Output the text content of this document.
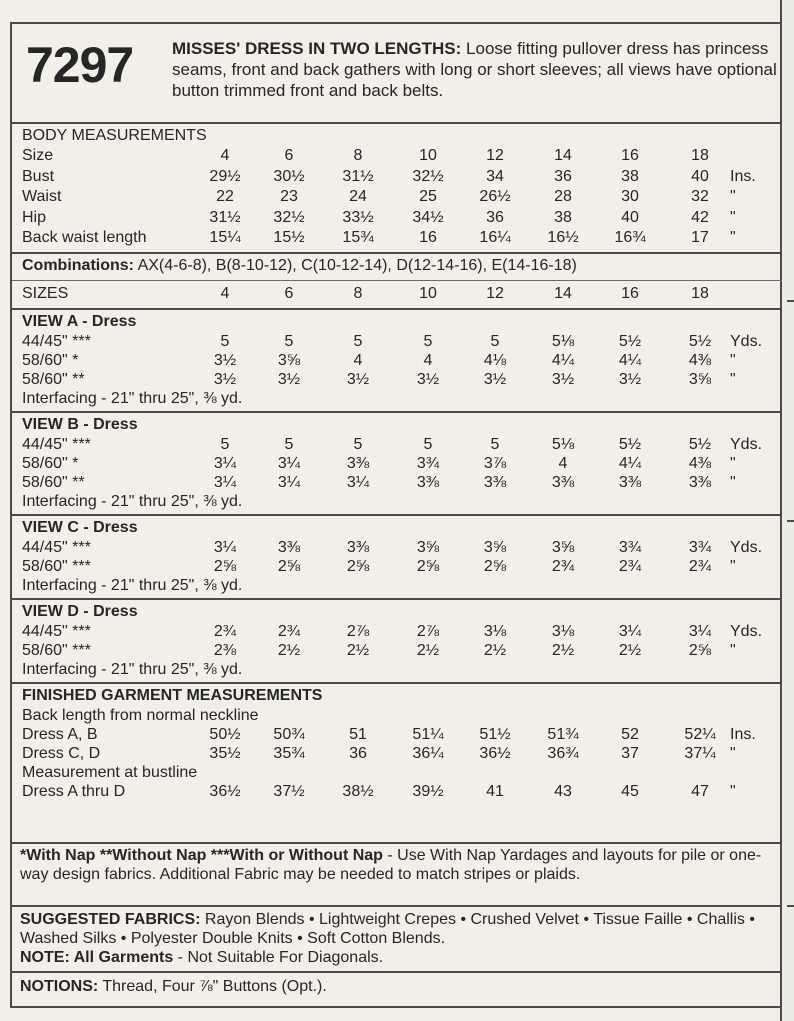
7297 MISSES' DRESS IN TWO LENGTHS: Loose fitting pullover dress has princess seams, front and back gathers with long or short sleeves; all views have optional button trimmed front and back belts.
BODY MEASUREMENTS
Size	4	6	8	10	12	14	16	18
Bust	29½	30½	31½	32½	34	36	38	40	Ins.
Waist	22	23	24	25	26½	28	30	32	"
Hip	31½	32½	33½	34½	36	38	40	42	"
Back waist length	15¼	15½	15¾	16	16¼	16½	16¾	17	"
Combinations: AX(4-6-8), B(8-10-12), C(10-12-14), D(12-14-16), E(14-16-18)
SIZES	4	6	8	10	12	14	16	18
VIEW A - Dress
44/45" ***	5	5	5	5	5	5⅛	5½	5½	Yds.
58/60" *	3½	3⅝	4	4	4⅛	4¼	4¼	4⅜	"
58/60" **	3½	3½	3½	3½	3½	3½	3½	3⅝	"
Interfacing - 21" thru 25", ⅜ yd.
VIEW B - Dress
44/45" ***	5	5	5	5	5	5⅛	5½	5½	Yds.
58/60" *	3¼	3¼	3⅜	3¾	3⅞	4	4¼	4⅜	"
58/60" **	3¼	3¼	3¼	3⅜	3⅜	3⅜	3⅜	3⅜	"
Interfacing - 21" thru 25", ⅜ yd.
VIEW C - Dress
44/45" ***	3¼	3⅜	3⅜	3⅝	3⅝	3⅝	3¾	3¾	Yds.
58/60" ***	2⅝	2⅝	2⅝	2⅝	2⅝	2¾	2¾	2¾	"
Interfacing - 21" thru 25", ⅜ yd.
VIEW D - Dress
44/45" ***	2¾	2¾	2⅞	2⅞	3⅛	3⅛	3¼	3¼	Yds.
58/60" ***	2⅜	2½	2½	2½	2½	2½	2½	2⅝	"
Interfacing - 21" thru 25", ⅜ yd.
FINISHED GARMENT MEASUREMENTS
Back length from normal neckline
Dress A, B	50½	50¾	51	51¼	51½	51¾	52	52¼ Ins.
Dress C, D	35½	35¾	36	36¼	36½	36¾	37	37¼ "
Measurement at bustline
Dress A thru D	36½	37½	38½	39½	41	43	45	47	"
*With Nap **Without Nap ***With or Without Nap - Use With Nap Yardages and layouts for pile or one-way design fabrics. Additional Fabric may be needed to match stripes or plaids.
SUGGESTED FABRICS: Rayon Blends • Lightweight Crepes • Crushed Velvet • Tissue Faille • Challis • Washed Silks • Polyester Double Knits • Soft Cotton Blends.
NOTE: All Garments - Not Suitable For Diagonals.
NOTIONS: Thread, Four ⅞" Buttons (Opt.).
